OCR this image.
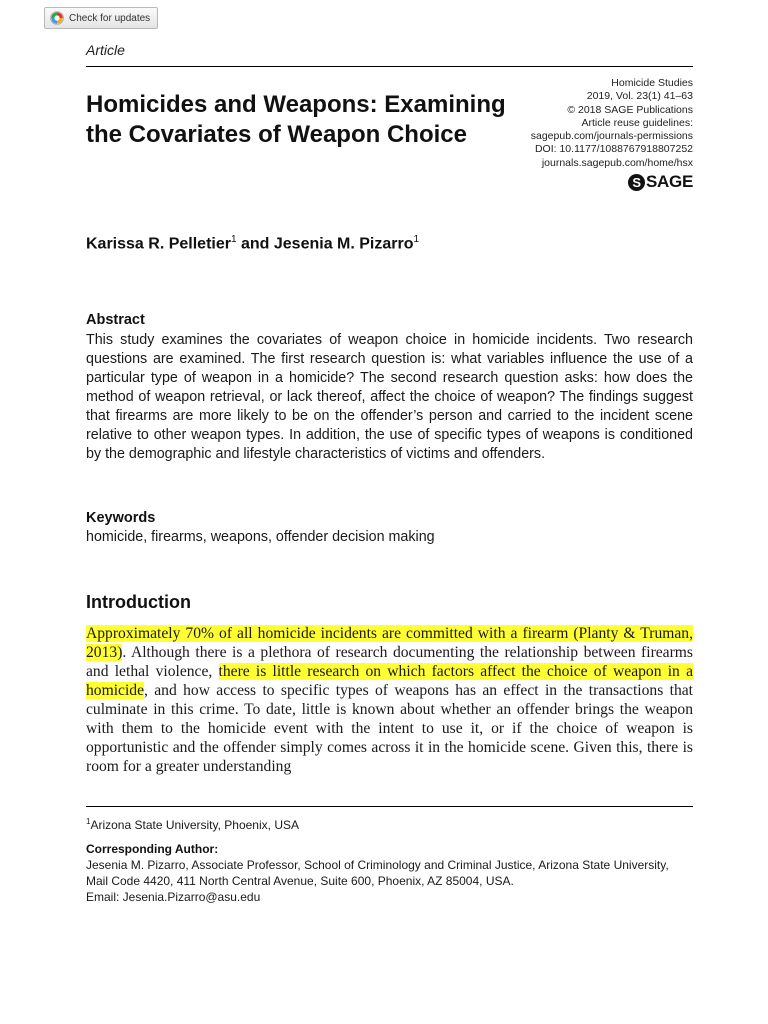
Check for updates
Article
Homicides and Weapons: Examining the Covariates of Weapon Choice
Homicide Studies
2019, Vol. 23(1) 41–63
© 2018 SAGE Publications
Article reuse guidelines:
sagepub.com/journals-permissions
DOI: 10.1177/1088767918807252
journals.sagepub.com/home/hsx
S SAGE
Karissa R. Pelletier$^1$ and Jesenia M. Pizarro$^1$
Abstract

This study examines the covariates of weapon choice in homicide incidents. Two research questions are examined. The first research question is: what variables influence the use of a particular type of weapon in a homicide? The second research question asks: how does the method of weapon retrieval, or lack thereof, affect the choice of weapon? The findings suggest that firearms are more likely to be on the offender’s person and carried to the incident scene relative to other weapon types. In addition, the use of specific types of weapons is conditioned by the demographic and lifestyle characteristics of victims and offenders.

Keywords
homicide, firearms, weapons, offender decision making
Introduction

Approximately 70% of all homicide incidents are committed with a firearm (Planty & Truman, 2013). Although there is a plethora of research documenting the relationship between firearms and lethal violence, there is little research on which factors affect the choice of weapon in a homicide, and how access to specific types of weapons has an effect in the transactions that culminate in this crime. To date, little is known about whether an offender brings the weapon with them to the homicide event with the intent to use it, or if the choice of weapon is opportunistic and the offender simply comes across it in the homicide scene. Given this, there is room for a greater understanding

$^1$Arizona State University, Phoenix, USA
Corresponding Author:

Jesenia M. Pizarro, Associate Professor, School of Criminology and Criminal Justice, Arizona State University, Mail Code 4420, 411 North Central Avenue, Suite 600, Phoenix, AZ 85004, USA.
Email: Jesenia.Pizarro@asu.edu
